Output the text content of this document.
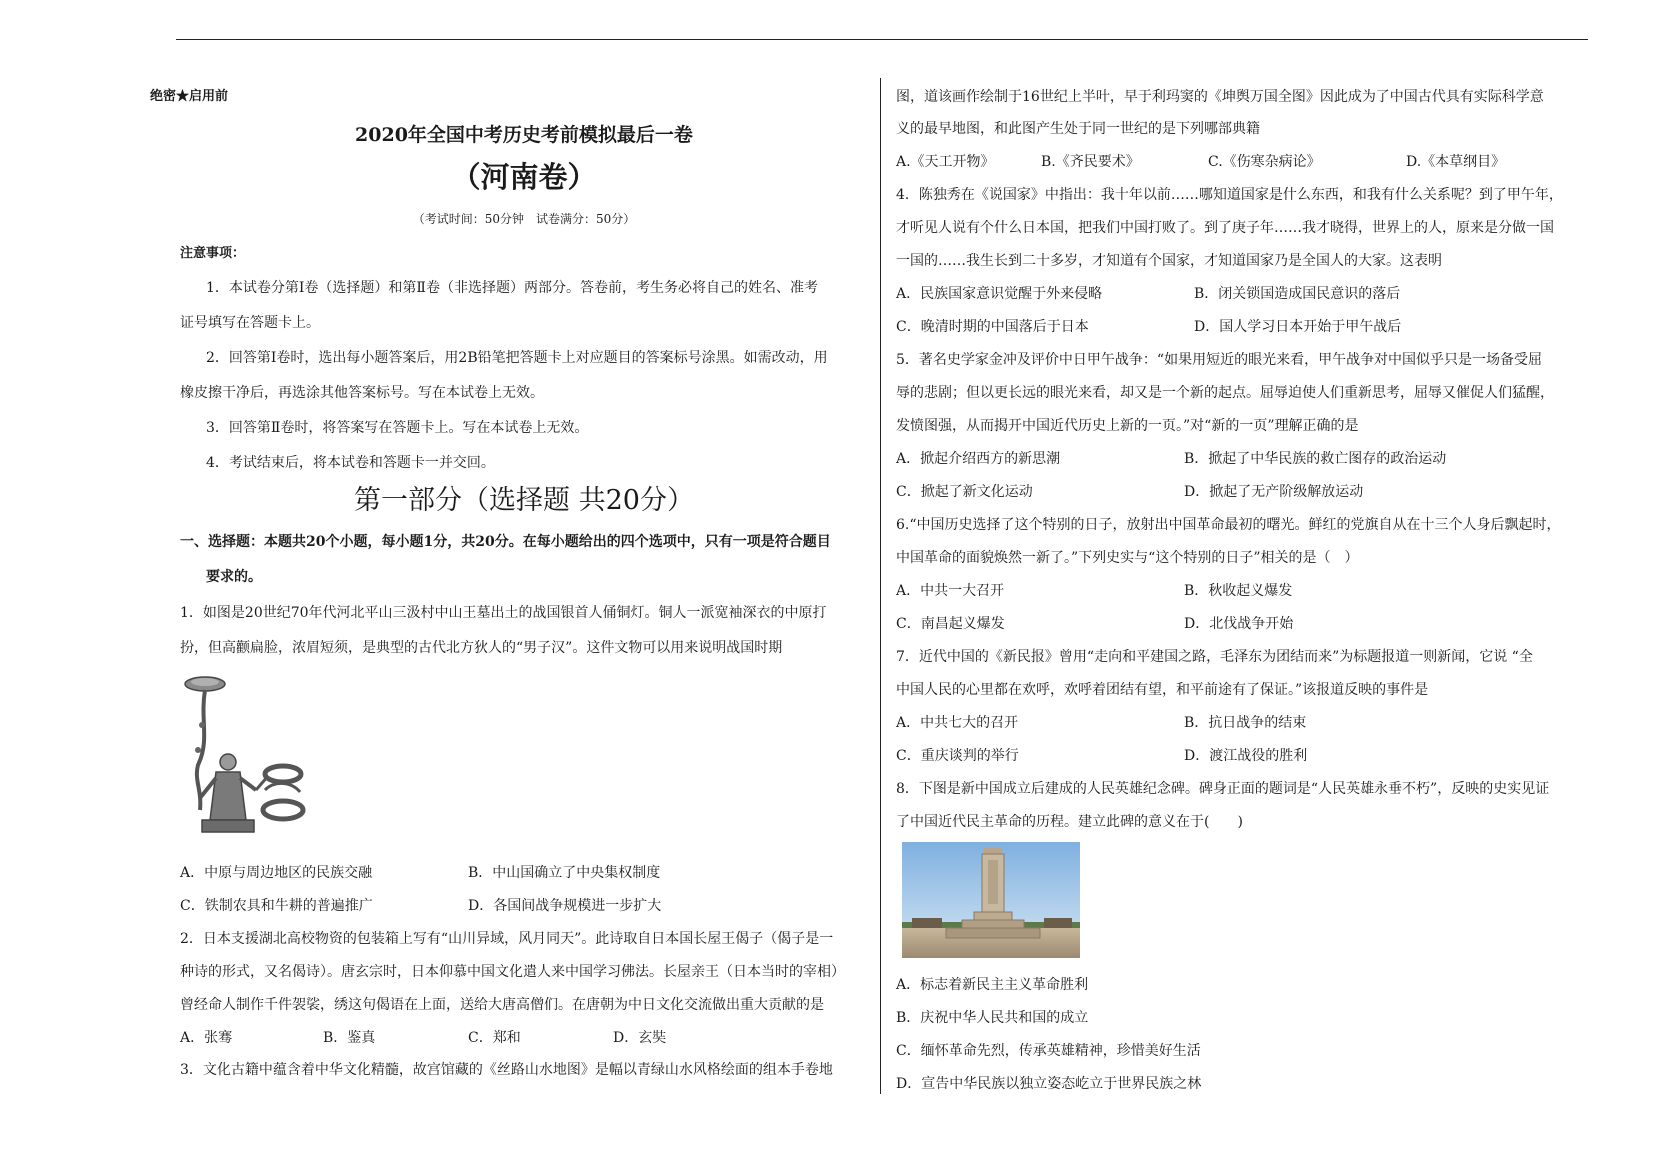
绝密★启用前
2020年全国中考历史考前模拟最后一卷
（河南卷）
（考试时间：50分钟　试卷满分：50分）
注意事项：
1．本试卷分第Ⅰ卷（选择题）和第Ⅱ卷（非选择题）两部分。答卷前，考生务必将自己的姓名、准考
证号填写在答题卡上。
2．回答第Ⅰ卷时，选出每小题答案后，用2B铅笔把答题卡上对应题目的答案标号涂黑。如需改动，用
橡皮擦干净后，再选涂其他答案标号。写在本试卷上无效。
3．回答第Ⅱ卷时，将答案写在答题卡上。写在本试卷上无效。
4．考试结束后，将本试卷和答题卡一并交回。
第一部分（选择题 共20分）
一、选择题：本题共20个小题，每小题1分，共20分。在每小题给出的四个选项中，只有一项是符合题目
要求的。
1．如图是20世纪70年代河北平山三汲村中山王墓出土的战国银首人俑铜灯。铜人一派宽袖深衣的中原打
扮，但高颧扁脸，浓眉短须，是典型的古代北方狄人的“男子汉”。这件文物可以用来说明战国时期
A．中原与周边地区的民族交融	B．中山国确立了中央集权制度
C．铁制农具和牛耕的普遍推广	D．各国间战争规模进一步扩大
2．日本支援湖北高校物资的包装箱上写有“山川异域，风月同天”。此诗取自日本国长屋王偈子（偈子是一
种诗的形式，又名偈诗）。唐玄宗时，日本仰慕中国文化遣人来中国学习佛法。长屋亲王（日本当时的宰相）
曾经命人制作千件袈裟，绣这句偈语在上面，送给大唐高僧们。在唐朝为中日文化交流做出重大贡献的是
A．张骞	B．鉴真	C．郑和	D．玄奘
3．文化古籍中蕴含着中华文化精髓，故宫馆藏的《丝路山水地图》是幅以青绿山水风格绘面的组本手卷地
图，道该画作绘制于16世纪上半叶，早于利玛窦的《坤舆万国全图》因此成为了中国古代具有实际科学意
义的最早地图，和此图产生处于同一世纪的是下列哪部典籍
A.《天工开物》	B.《齐民要术》	C.《伤寒杂病论》	D.《本草纲目》
4．陈独秀在《说国家》中指出：我十年以前……哪知道国家是什么东西，和我有什么关系呢？到了甲午年，
才听见人说有个什么日本国，把我们中国打败了。到了庚子年……我才晓得，世界上的人，原来是分做一国
一国的……我生长到二十多岁，才知道有个国家，才知道国家乃是全国人的大家。这表明
A．民族国家意识觉醒于外来侵略	B．闭关锁国造成国民意识的落后
C．晚清时期的中国落后于日本	D．国人学习日本开始于甲午战后
5．著名史学家金冲及评价中日甲午战争：“如果用短近的眼光来看，甲午战争对中国似乎只是一场备受屈
辱的悲剧；但以更长远的眼光来看，却又是一个新的起点。屈辱迫使人们重新思考，屈辱又催促人们猛醒，
发愤图强，从而揭开中国近代历史上新的一页。”对“新的一页”理解正确的是
A．掀起介绍西方的新思潮	B．掀起了中华民族的救亡图存的政治运动
C．掀起了新文化运动	D．掀起了无产阶级解放运动
6.“中国历史选择了这个特别的日子，放射出中国革命最初的曙光。鲜红的党旗自从在十三个人身后飘起时，
中国革命的面貌焕然一新了。”下列史实与“这个特别的日子”相关的是（　）
A．中共一大召开	B．秋收起义爆发
C．南昌起义爆发	D．北伐战争开始
7．近代中国的《新民报》曾用“走向和平建国之路，毛泽东为团结而来”为标题报道一则新闻，它说 “全
中国人民的心里都在欢呼，欢呼着团结有望，和平前途有了保证。”该报道反映的事件是
A．中共七大的召开	B．抗日战争的结束
C．重庆谈判的举行	D．渡江战役的胜利
8．下图是新中国成立后建成的人民英雄纪念碑。碑身正面的题词是“人民英雄永垂不朽”，反映的史实见证
了中国近代民主革命的历程。建立此碑的意义在于(　　)
A．标志着新民主主义革命胜利
B．庆祝中华人民共和国的成立
C．缅怀革命先烈，传承英雄精神，珍惜美好生活
D．宣告中华民族以独立姿态屹立于世界民族之林
